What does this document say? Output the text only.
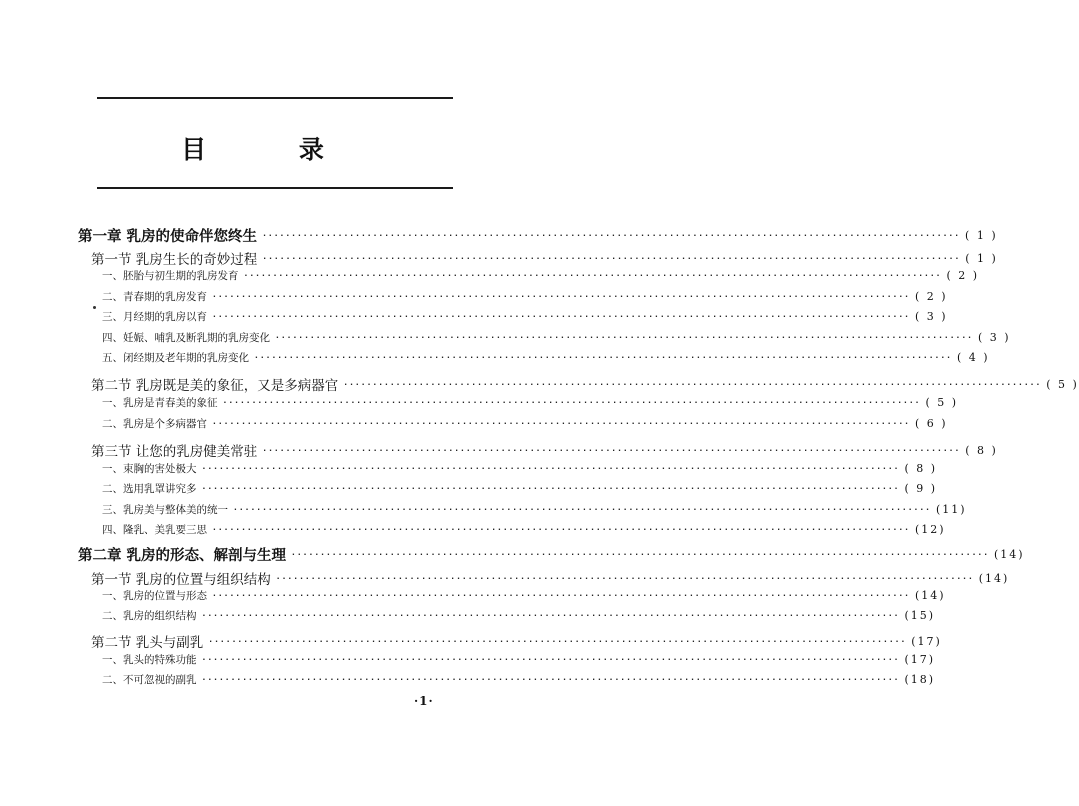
目 录
第一章 乳房的使命伴您终生 ························································································································ ( 1 )
第一节 乳房生长的奇妙过程 ························································································································ ( 1 )
一、胚胎与初生期的乳房发育 ························································································································ ( 2 )
二、青春期的乳房发育 ························································································································ ( 2 )
三、月经期的乳房以育 ························································································································ ( 3 )
四、妊娠、哺乳及断乳期的乳房变化 ························································································································ ( 3 )
五、闭经期及老年期的乳房变化 ························································································································ ( 4 )
第二节 乳房既是美的象征，又是多病器官 ························································································································ ( 5 )
一、乳房是青春美的象征 ························································································································ ( 5 )
二、乳房是个多病器官 ························································································································ ( 6 )
第三节 让您的乳房健美常驻 ························································································································ ( 8 )
一、束胸的害处极大 ························································································································ ( 8 )
二、选用乳罩讲究多 ························································································································ ( 9 )
三、乳房美与整体美的统一 ························································································································ (11)
四、隆乳、美乳要三思 ························································································································ (12)
第二章 乳房的形态、解剖与生理 ························································································································ (14)
第一节 乳房的位置与组织结构 ························································································································ (14)
一、乳房的位置与形态 ························································································································ (14)
二、乳房的组织结构 ························································································································ (15)
第二节 乳头与副乳 ························································································································ (17)
一、乳头的特殊功能 ························································································································ (17)
二、不可忽视的副乳 ························································································································ (18)
·1·
